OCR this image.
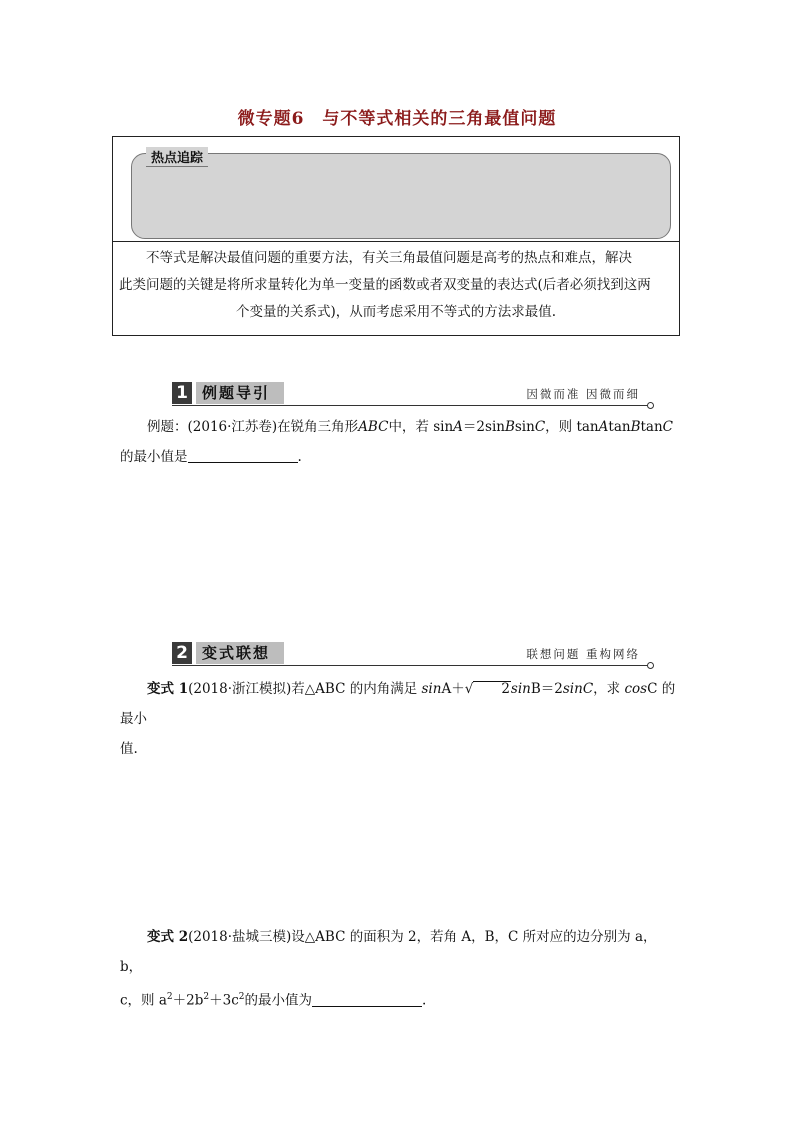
微专题6　与不等式相关的三角最值问题
热点追踪

不等式是解决最值问题的重要方法，有关三角最值问题是高考的热点和难点，解决

此类问题的关键是将所求量转化为单一变量的函数或者双变量的表达式(后者必须找到这两

个变量的关系式)，从而考虑采用不等式的方法求最值.

1 例题导引	因微而准 因微而细

例题：(2016·江苏卷)在锐角三角形ABC中，若 sinA＝2sinBsinC，则 tanAtanBtanC

的最小值是	.

2 变式联想	联想问题 重构网络

变式 1(2018·浙江模拟)若△ABC 的内角满足 sinA＋√ 2sinB＝2sinC，求 cosC 的最小

值.

变式 2(2018·盐城三模)设△ABC 的面积为 2，若角 A，B，C 所对应的边分别为 a，b，

c，则 $a^2+2b^2+3c^2$的最小值为	.
